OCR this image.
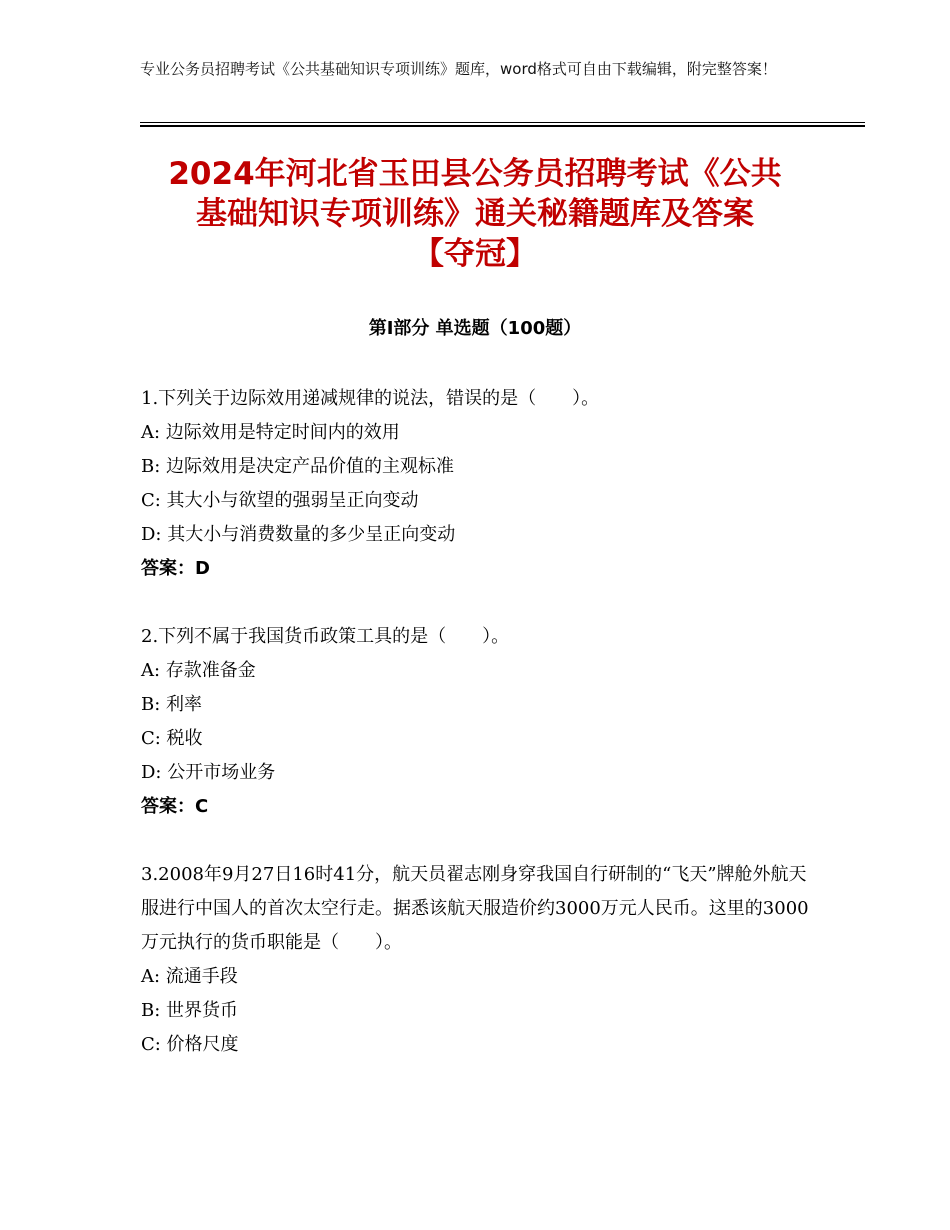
专业公务员招聘考试《公共基础知识专项训练》题库，word格式可自由下载编辑，附完整答案！
2024年河北省玉田县公务员招聘考试《公共
基础知识专项训练》通关秘籍题库及答案
【夺冠】
第Ⅰ部分 单选题（100题）

1.下列关于边际效用递减规律的说法，错误的是（　　）。

A: 边际效用是特定时间内的效用

B: 边际效用是决定产品价值的主观标准

C: 其大小与欲望的强弱呈正向变动

D: 其大小与消费数量的多少呈正向变动

答案：D

2.下列不属于我国货币政策工具的是（　　）。

A: 存款准备金

B: 利率

C: 税收

D: 公开市场业务

答案：C

3.2008年9月27日16时41分，航天员翟志刚身穿我国自行研制的“飞天”牌舱外航天服进行中国人的首次太空行走。据悉该航天服造价约3000万元人民币。这里的3000万元执行的货币职能是（　　）。

A: 流通手段

B: 世界货币

C: 价格尺度
